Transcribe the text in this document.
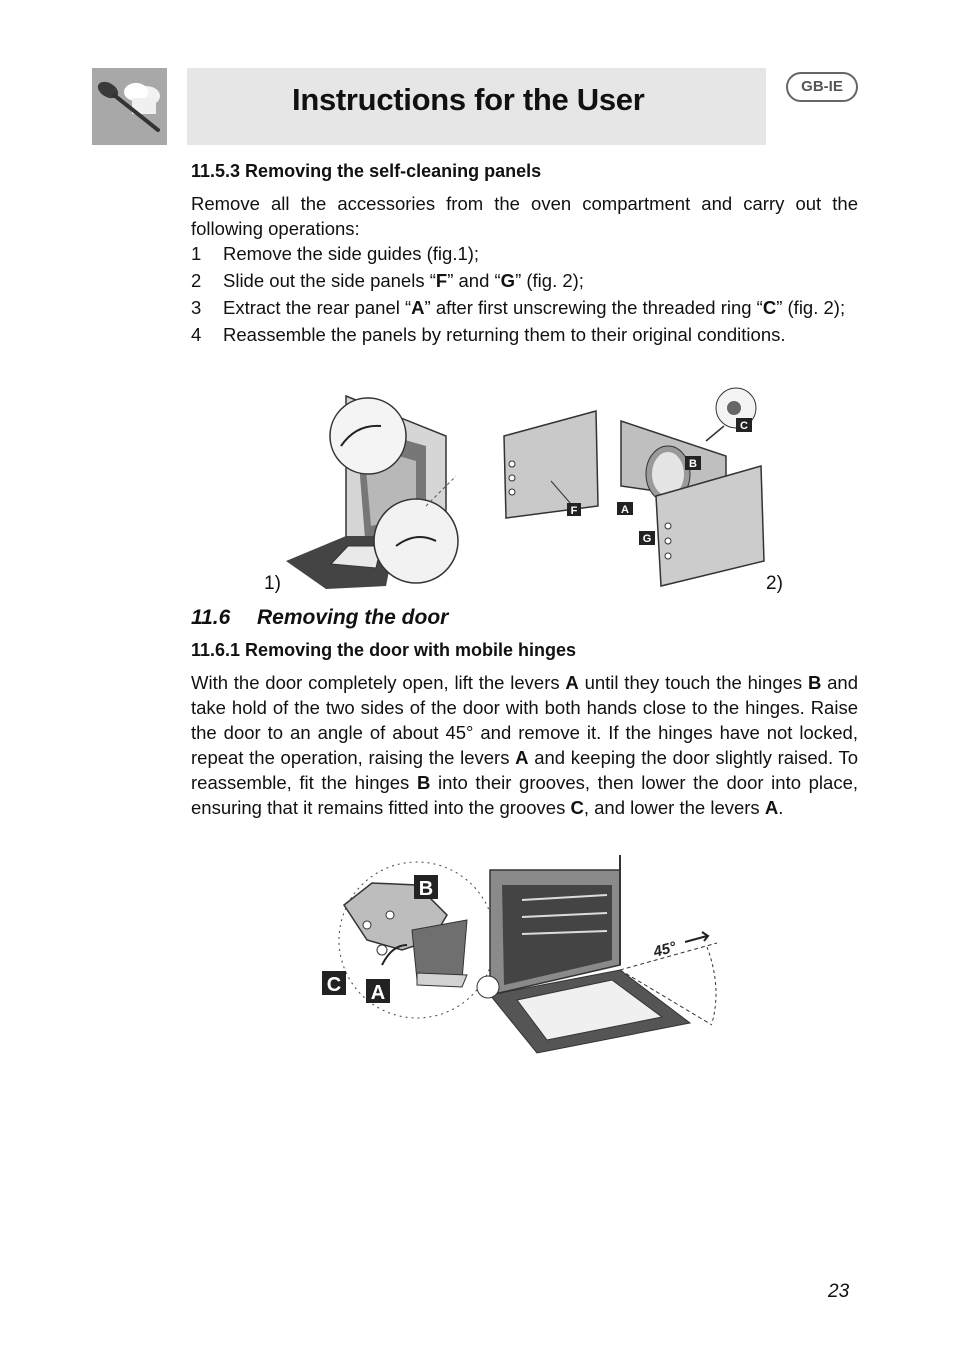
Instructions for the User	GB-IE
11.5.3 Removing the self-cleaning panels

Remove all the accessories from the oven compartment and carry out the following operations:

1	Remove the side guides (fig.1);
2	Slide out the side panels “F” and “G” (fig. 2);
3	Extract the rear panel “A” after first unscrewing the threaded ring “C” (fig. 2);
4	Reassemble the panels by returning them to their original conditions.
1)
F	A
G
B
C
2)
11.6 Removing the door
11.6.1 Removing the door with mobile hinges

With the door completely open, lift the levers A until they touch the hinges B and take hold of the two sides of the door with both hands close to the hinges. Raise the door to an angle of about 45° and remove it. If the hinges have not locked, repeat the operation, raising the levers A and keeping the door slightly raised. To reassemble, fit the hinges B into their grooves, then lower the door into place, ensuring that it remains fitted into the grooves C, and lower the levers A.

45°
B
C A
23
